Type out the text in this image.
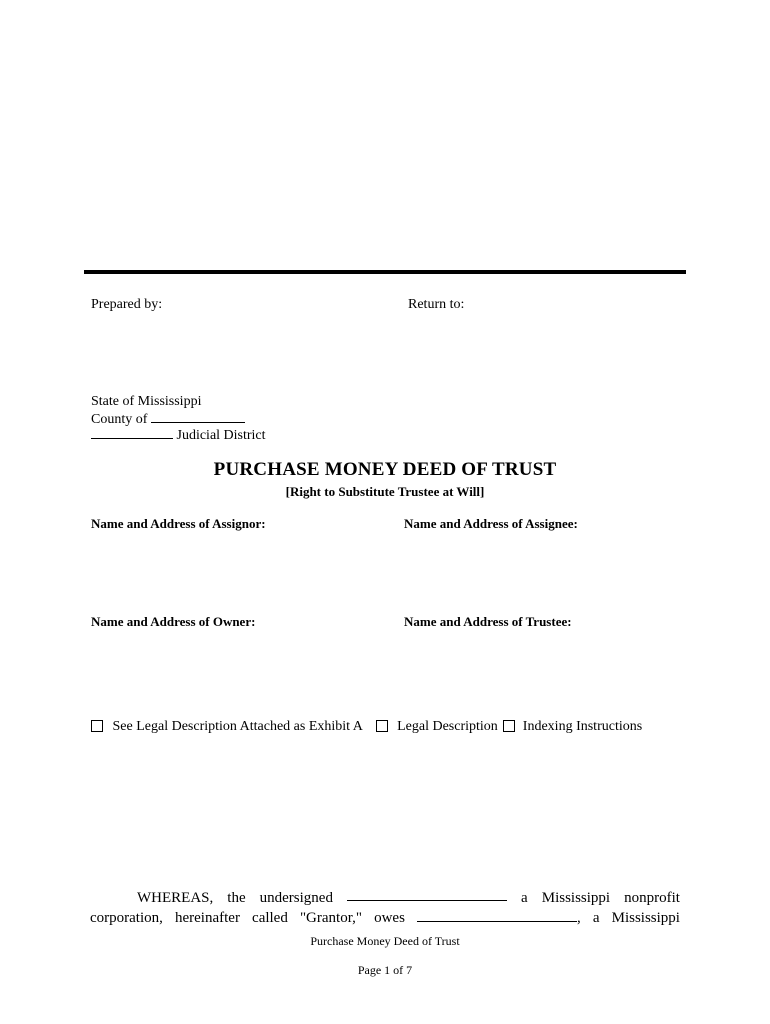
Prepared by:	Return to:
State of Mississippi
County of
Judicial District
PURCHASE MONEY DEED OF TRUST
[Right to Substitute Trustee at Will]
Name and Address of Assignor:	Name and Address of Assignee:
Name and Address of Owner:	Name and Address of Trustee:
See Legal Description Attached as Exhibit A	Legal Description Indexing Instructions
WHEREAS, the undersigned	a Mississippi nonprofit
corporation, hereinafter called "Grantor," owes	, a Mississippi
Purchase Money Deed of Trust
Page 1 of 7
